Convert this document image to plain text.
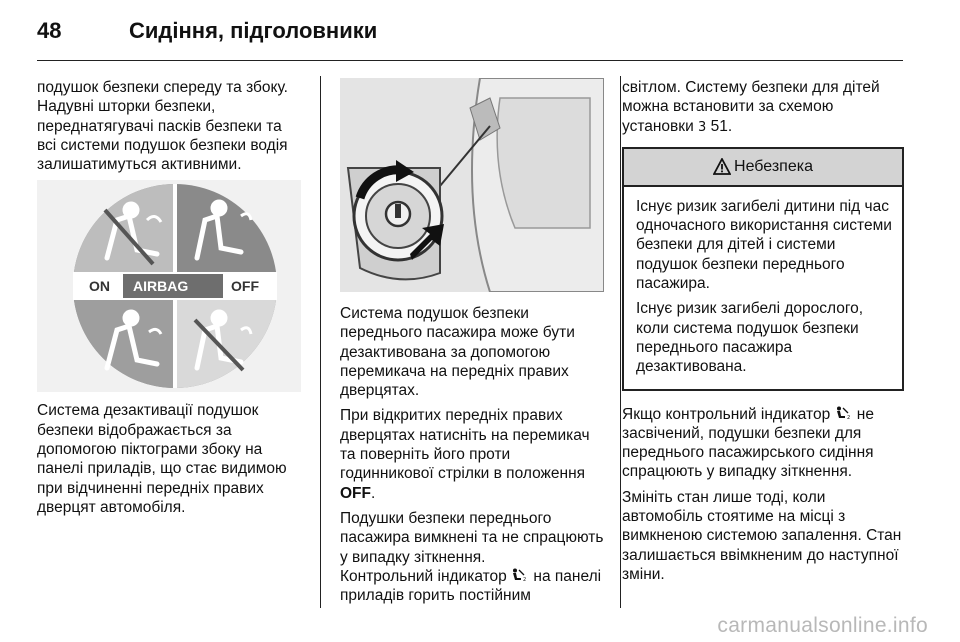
48	Сидіння, підголовники

подушок безпеки спереду та збоку. Надувні шторки безпеки, переднатягувачі пасків безпеки та всі системи подушок безпеки водія залишатимуться активними.

ON AIRBAG	OFF

Система дезактивації подушок безпеки відображається за допомогою піктограми збоку на панелі приладів, що стає видимою при відчиненні передніх правих дверцят автомобіля.

Система подушок безпеки переднього пасажира може бути дезактивована за допомогою перемикача на передніх правих дверцятах.

При відкритих передніх правих дверцятах натисніть на перемикач та поверніть його проти годинникової стрілки в положення OFF.

Подушки безпеки переднього пасажира вимкнені та не спрацюють у випадку зіткнення.
Контрольний індикатор 2 на панелі приладів горить постійним

світлом. Систему безпеки для дітей можна встановити за схемою установки 3 51.

Небезпека

Існує ризик загибелі дитини під час одночасного використання системи безпеки для дітей і системи подушок безпеки переднього пасажира.

Існує ризик загибелі дорослого, коли система подушок безпеки переднього пасажира дезактивована.

Якщо контрольний індикатор 2 не засвічений, подушки безпеки для переднього пасажирського сидіння спрацюють у випадку зіткнення.

Змініть стан лише тоді, коли автомобіль стоятиме на місці з вимкненою системою запалення. Стан залишається ввімкненим до наступної зміни.

carmanualsonline.info
